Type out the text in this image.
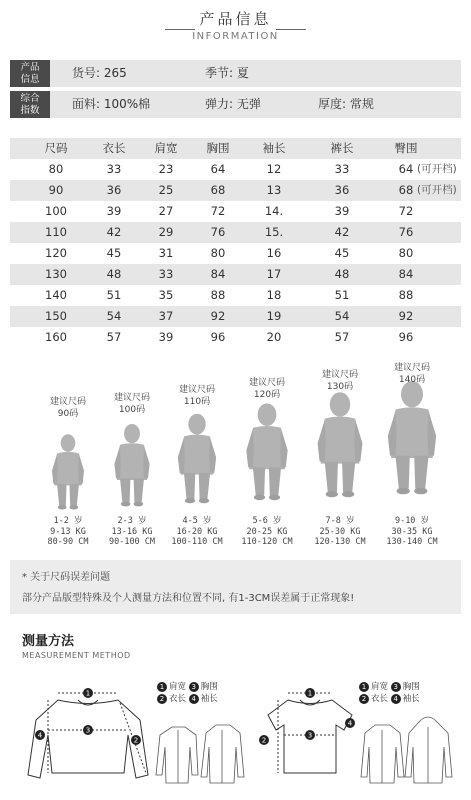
产品信息
INFORMATION
产品
信息	货号: 265	季节: 夏
综合
指数	面料: 100%棉	弹力: 无弹	厚度: 常规
尺码	衣长	肩宽	胸围	袖长	裤长	臀围
80	33	23	64	12	33	64 (可开档)
90	36	25	68	13	36	68 (可开档)
100	39	27	72	14.	39	72
110	42	29	76	15.	42	76
120	45	31	80	16	45	80
130	48	33	84	17	48	84
140	51	35	88	18	51	88
150	54	37	92	19	54	92
160	57	39	96	20	57	96
建议尺码
90码
1-2 岁
9-13 KG
80-90 CM
建议尺码
100码
2-3 岁
13-16 KG
90-100 CM
建议尺码
110码
4-5 岁
16-20 KG
100-110 CM
建议尺码
120码
5-6 岁
20-25 KG
110-120 CM
建议尺码
130码
7-8 岁
25-30 KG
120-130 CM
建议尺码
140码
9-10 岁
30-35 KG
130-140 CM
* 关于尺码误差问题
部分产品版型特殊及个人测量方法和位置不同, 有1-3CM误差属于正常现象!
测量方法
MEASUREMENT METHOD
1
3
4
2
1
3
2
4
1 肩宽 3 胸围
2 衣长 4 袖长
1 肩宽 3 胸围
2 衣长 4 袖长
